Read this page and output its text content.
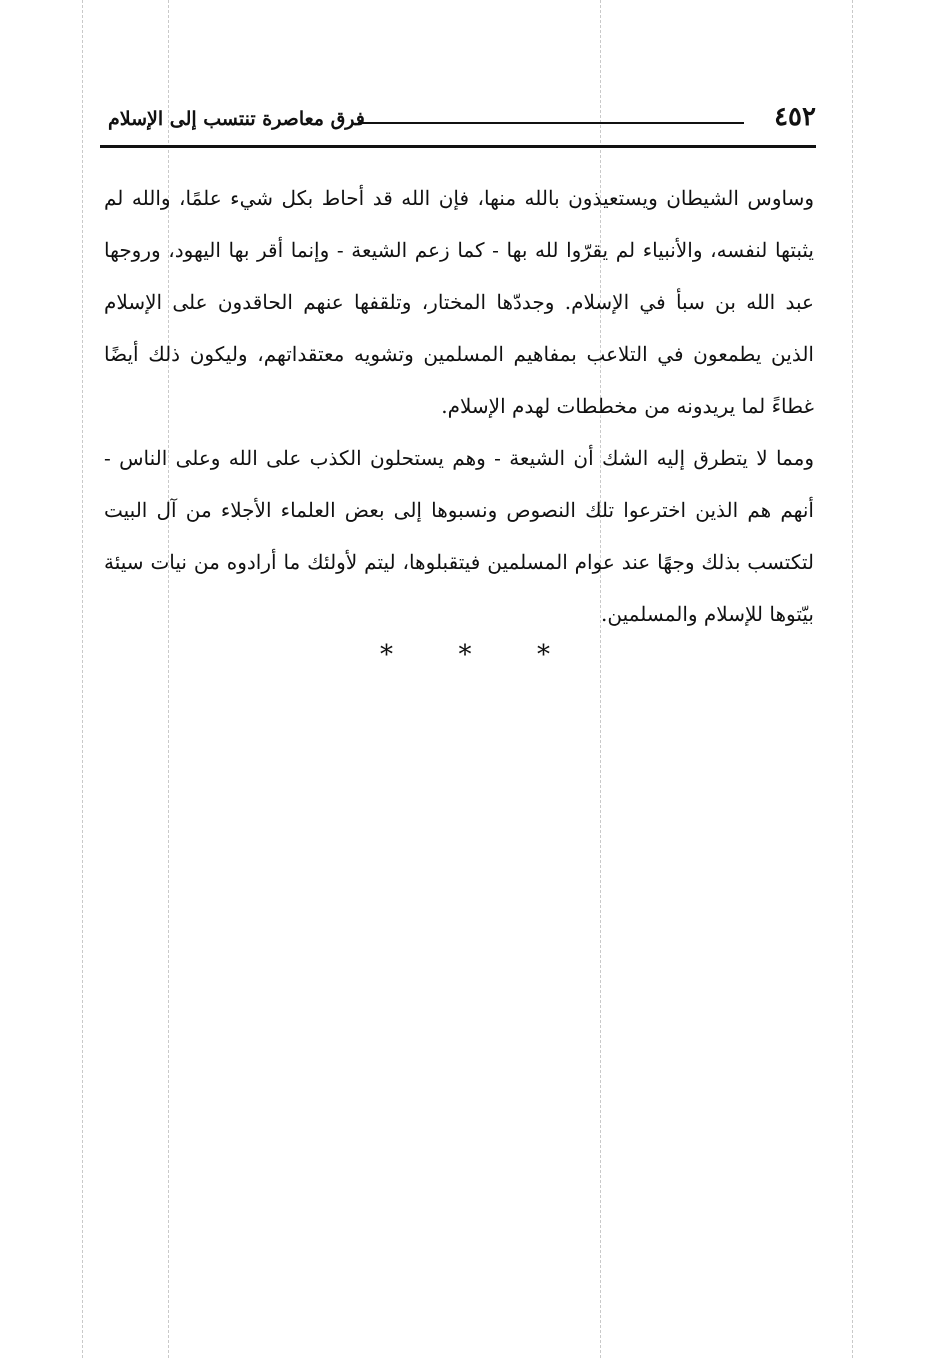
٤٥٢
فرق معاصرة تنتسب إلى الإسلام

وساوس الشيطان ويستعيذون بالله منها، فإن الله قد أحاط بكل شيء علمًا، والله لم يثبتها لنفسه، والأنبياء لم يقرّوا لله بها - كما زعم الشيعة - وإنما أقر بها اليهود، وروجها عبد الله بن سبأ في الإسلام. وجددّها المختار، وتلقفها عنهم الحاقدون على الإسلام الذين يطمعون في التلاعب بمفاهيم المسلمين وتشويه معتقداتهم، وليكون ذلك أيضًا غطاءً لما يريدونه من مخططات لهدم الإسلام.

ومما لا يتطرق إليه الشك أن الشيعة - وهم يستحلون الكذب على الله وعلى الناس - أنهم هم الذين اخترعوا تلك النصوص ونسبوها إلى بعض العلماء الأجلاء من آل البيت لتكتسب بذلك وجهًا عند عوام المسلمين فيتقبلوها، ليتم لأولئك ما أرادوه من نيات سيئة بيّتوها للإسلام والمسلمين.

*	*	*
